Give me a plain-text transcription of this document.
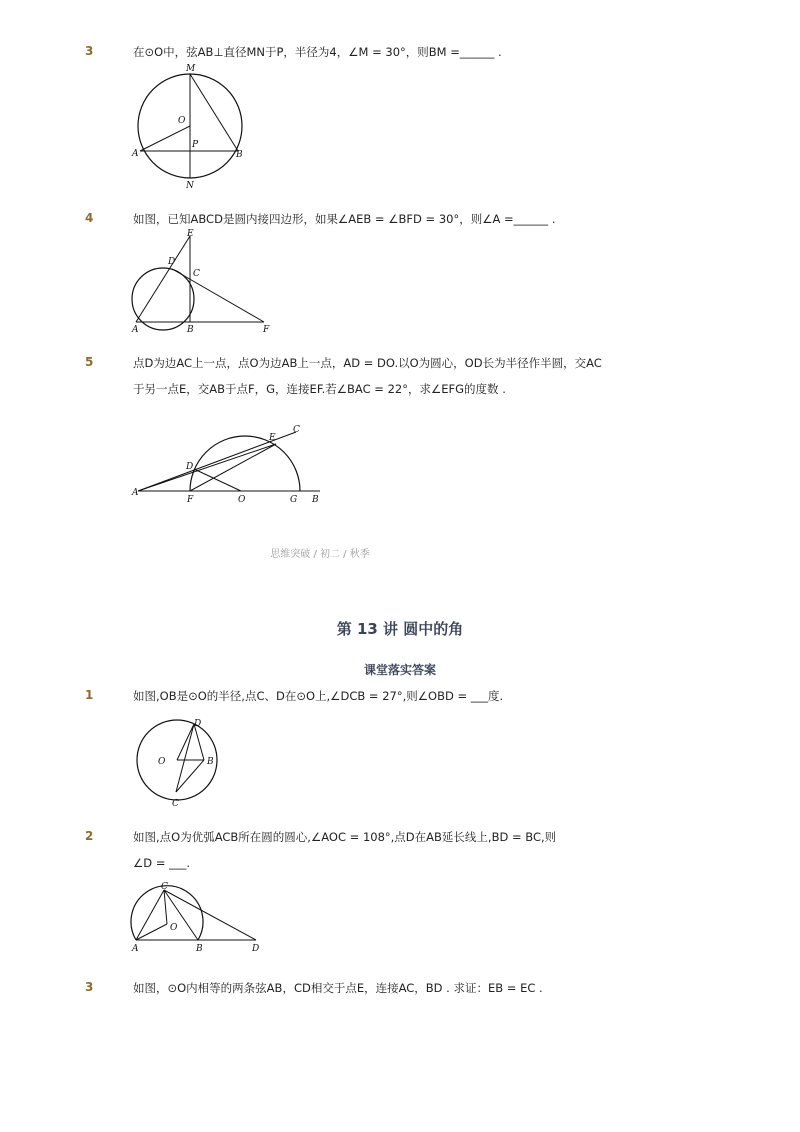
3	在⊙O中，弦AB⊥直径MN于P，半径为4，∠M = 30°，则BM =______ .
M
O
P
A	B
N
4	如图，已知ABCD是圆内接四边形，如果∠AEB = ∠BFD = 30°，则∠A =______ .
E
D
C
A	B	F
5	点D为边AC上一点，点O为边AB上一点，AD = DO.以O为圆心，OD长为半径作半圆，交AC
于另一点E，交AB于点F，G，连接EF.若∠BAC = 22°，求∠EFG的度数 .
C
E
D
A
F	O	G B
思维突破 / 初二 / 秋季
第 13 讲 圆中的角
课堂落实答案
1	如图,OB是⊙O的半径,点C、D在⊙O上,∠DCB = 27°,则∠OBD = ___度.
D
O	B
C
2	如图,点O为优弧ACB所在圆的圆心,∠AOC = 108°,点D在AB延长线上,BD = BC,则
∠D = ___.
C
O
A	B	D
3	如图，⊙O内相等的两条弦AB，CD相交于点E，连接AC，BD . 求证：EB = EC .
